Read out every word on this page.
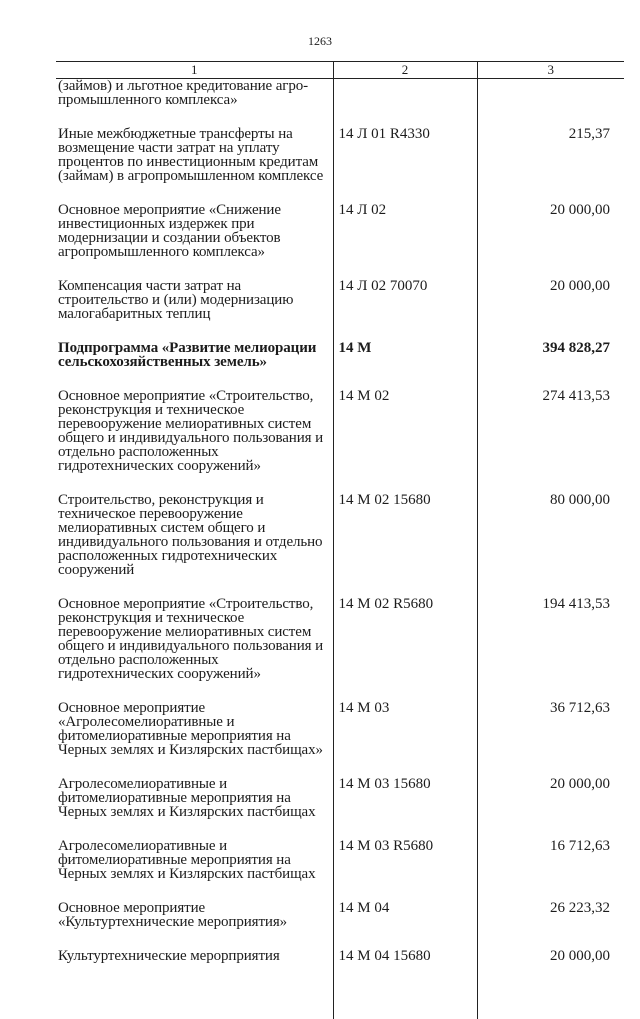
1263
1	2	3
(займов) и льготное кредитование агро-промышленного комплекса»		
Иные межбюджетные трансферты на возмещение части затрат на уплату процентов по инвестиционным кредитам (займам) в агропромышленном комплексе	14 Л 01 R4330	215,37
Основное мероприятие «Снижение инвестиционных издержек при модернизации и создании объектов агропромышленного комплекса»	14 Л 02	20 000,00
Компенсация части затрат на строительство и (или) модернизацию малогабаритных теплиц	14 Л 02 70070	20 000,00
Подпрограмма «Развитие мелиорации сельскохозяйственных земель»	14 М	394 828,27
Основное мероприятие «Строительство, реконструкция и техническое перевооружение мелиоративных систем общего и индивидуального пользования и отдельно расположенных гидротехнических сооружений»	14 М 02	274 413,53
Строительство, реконструкция и техническое перевооружение мелиоративных систем общего и индивидуального пользования и отдельно расположенных гидротехнических сооружений	14 М 02 15680	80 000,00
Основное мероприятие «Строительство, реконструкция и техническое перевооружение мелиоративных систем общего и индивидуального пользования и отдельно расположенных гидротехнических сооружений»	14 М 02 R5680	194 413,53
Основное мероприятие «Агролесомелиоративные и фитомелиоративные мероприятия на Черных землях и Кизлярских пастбищах»	14 М 03	36 712,63
Агролесомелиоративные и фитомелиоративные мероприятия на Черных землях и Кизлярских пастбищах	14 М 03 15680	20 000,00
Агролесомелиоративные и фитомелиоративные мероприятия на Черных землях и Кизлярских пастбищах	14 М 03 R5680	16 712,63
Основное мероприятие «Культуртехнические мероприятия»	14 М 04	26 223,32
Культуртехнические мерорприятия	14 М 04 15680	20 000,00
